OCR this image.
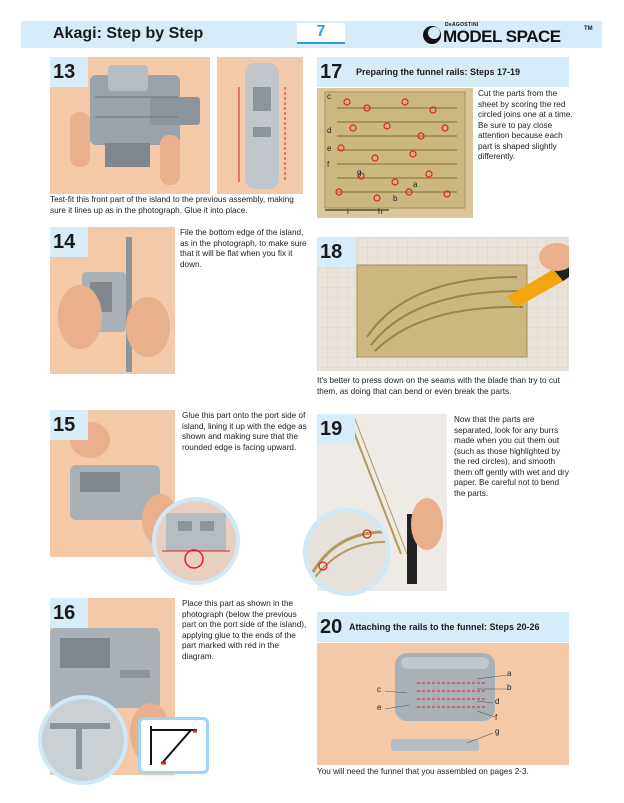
Akagi: Step by Step	7	DeAGOSTINI
MODEL SPACE	TM
13
Test-fit this front part of the island to the previous assembly, making sure it lines up as in the photograph. Glue it into place.
14	File the bottom edge of the island, as in the photograph, to make sure that it will be flat when you fix it down.
15	Glue this part onto the port side of island, lining it up with the edge as shown and making sure that the rounded edge is facing upward.
16	Place this part as shown in the photograph (below the previous part on the port side of the island), applying glue to the ends of the part marked with red in the diagram.
17 Preparing the funnel rails: Steps 17-19
c
d
e
f
g
a
b
i	h
Cut the parts from the sheet by scoring the red circled joins one at a time. Be sure to pay close attention because each part is shaped slightly differently.
18
It's better to press down on the seams with the blade than try to cut them, as doing that can bend or even break the parts.
19	Now that the parts are separated, look for any burrs made when you cut them out (such as those highlighted by the red circles), and smooth them off gently with wet and dry paper. Be careful not to bend the parts.
20 Attaching the rails to the funnel: Steps 20-26
a
b
c
d
e
f
g
You will need the funnel that you assembled on pages 2-3.
